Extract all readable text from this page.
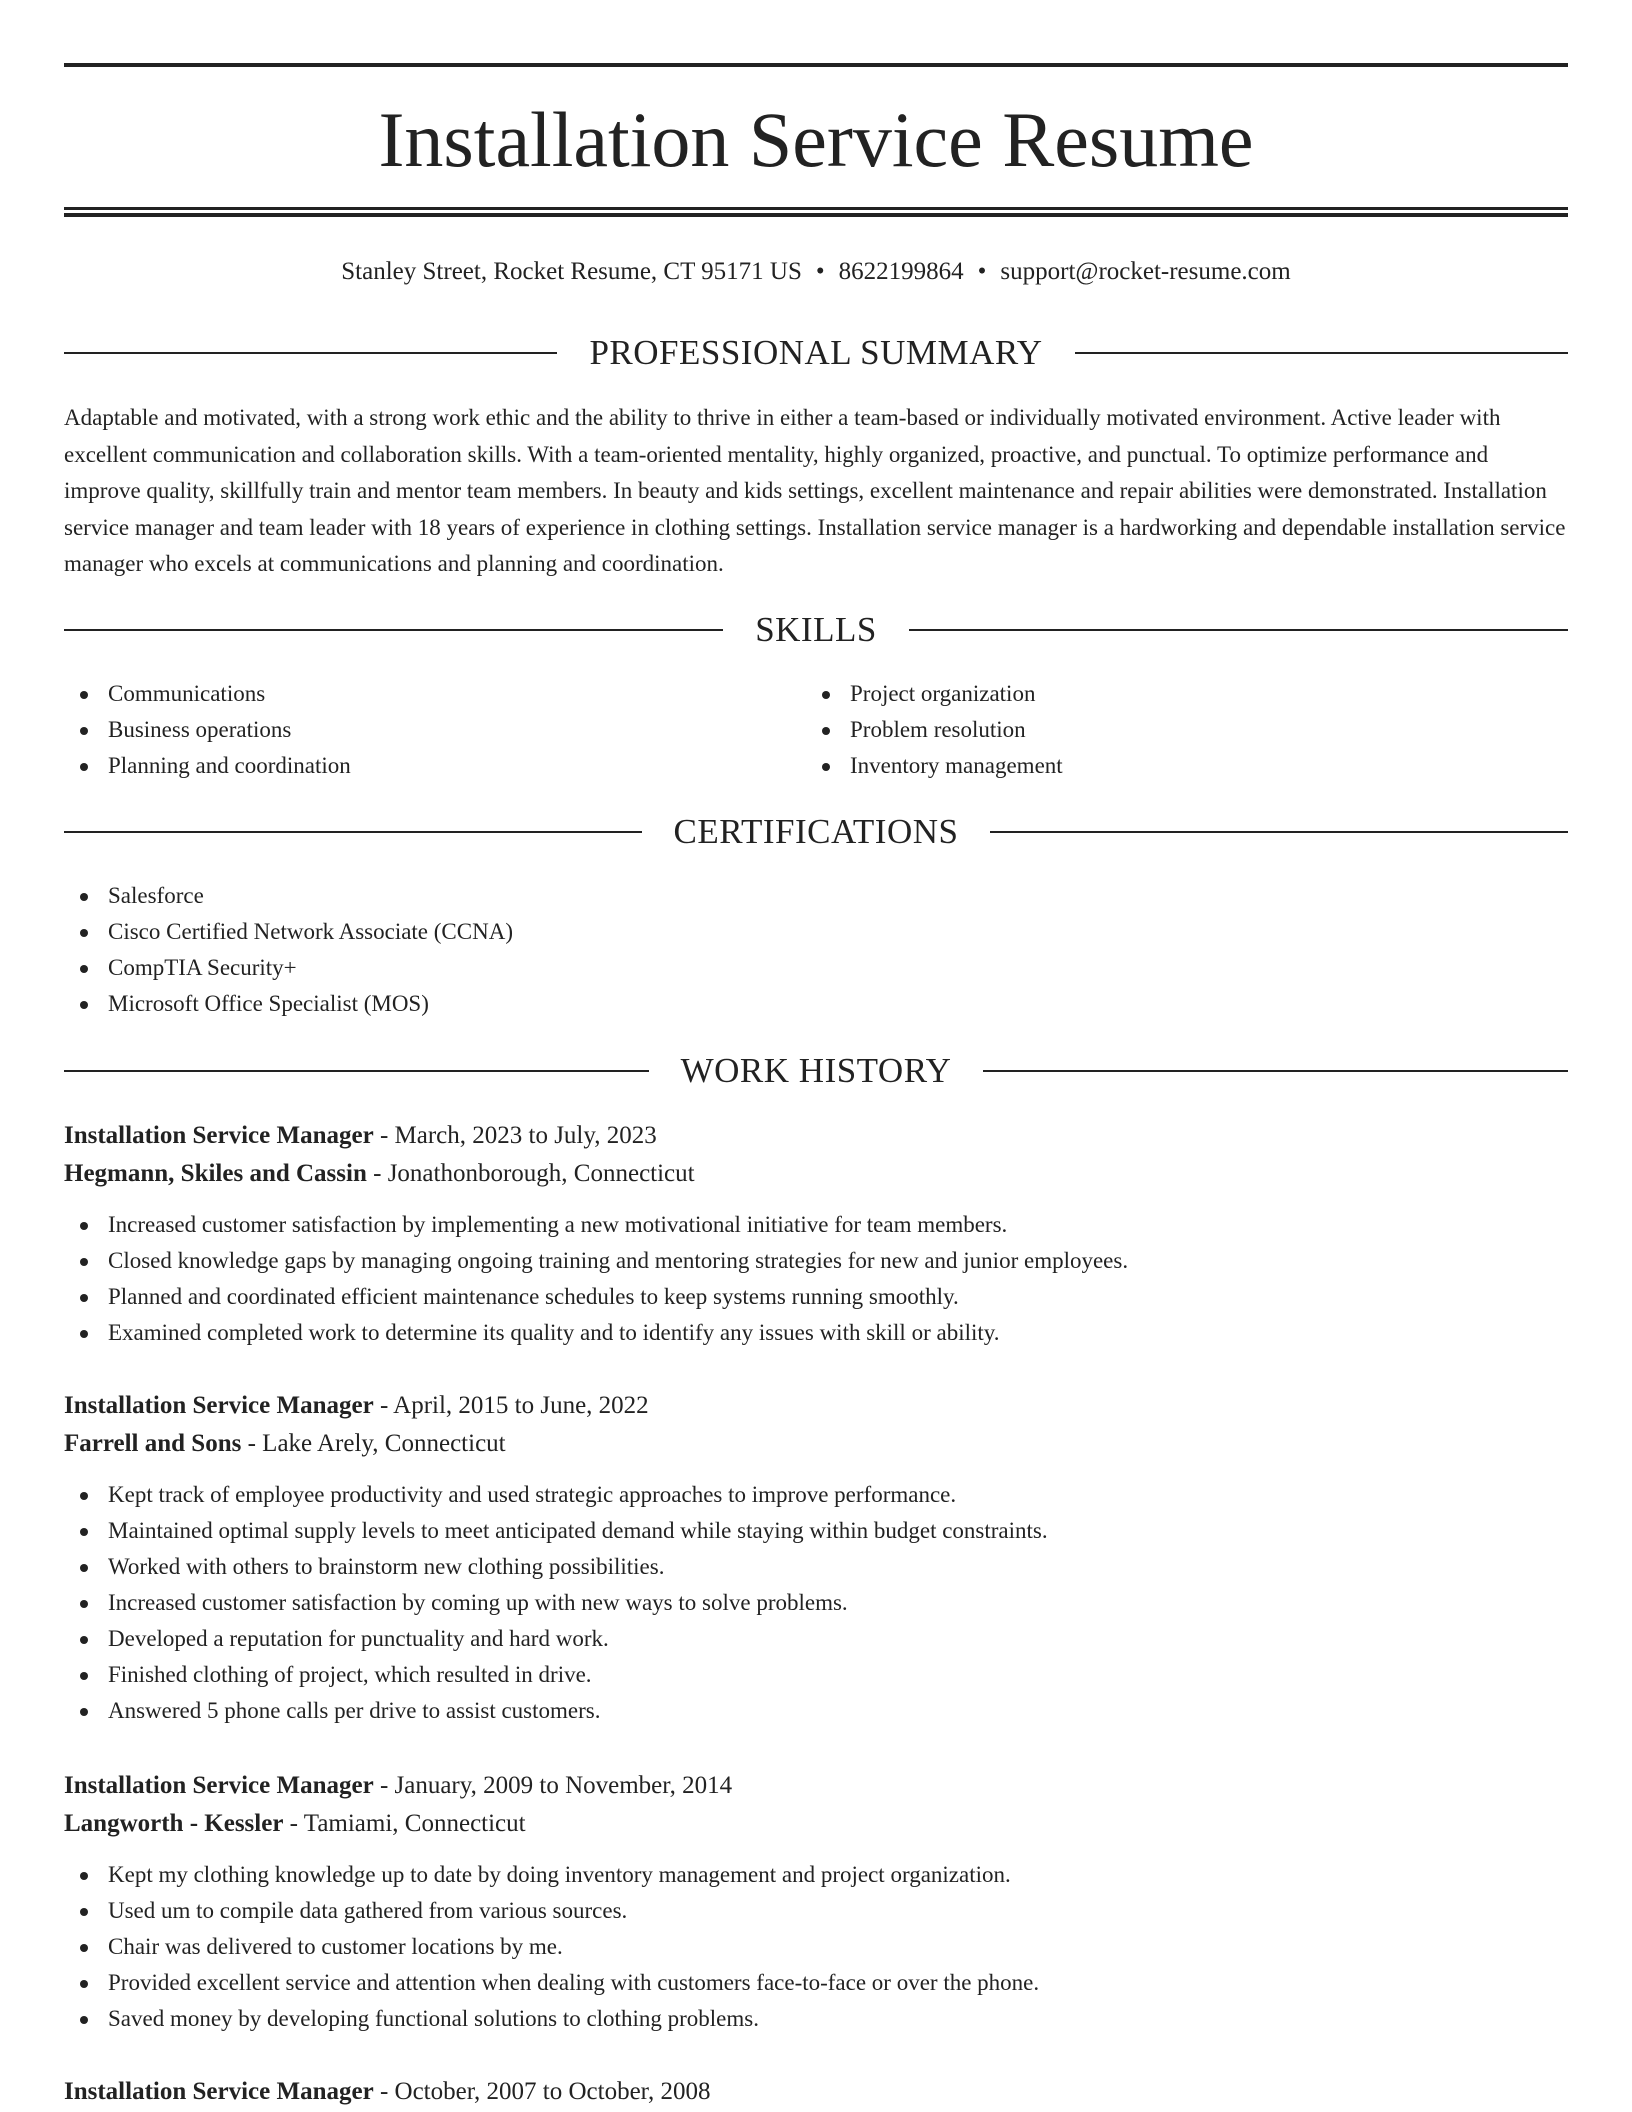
Installation Service Resume
Stanley Street, Rocket Resume, CT 95171 US • 8622199864 • support@rocket-resume.com
PROFESSIONAL SUMMARY

Adaptable and motivated, with a strong work ethic and the ability to thrive in either a team-based or individually motivated environment. Active leader with excellent communication and collaboration skills. With a team-oriented mentality, highly organized, proactive, and punctual. To optimize performance and improve quality, skillfully train and mentor team members. In beauty and kids settings, excellent maintenance and repair abilities were demonstrated. Installation service manager and team leader with 18 years of experience in clothing settings. Installation service manager is a hardworking and dependable installation service manager who excels at communications and planning and coordination.

SKILLS
Communications
Business operations
Planning and coordination
Project organization
Problem resolution
Inventory management
CERTIFICATIONS
Salesforce
Cisco Certified Network Associate (CCNA)
CompTIA Security+
Microsoft Office Specialist (MOS)
WORK HISTORY
Installation Service Manager - March, 2023 to July, 2023
Hegmann, Skiles and Cassin - Jonathonborough, Connecticut
Increased customer satisfaction by implementing a new motivational initiative for team members.
Closed knowledge gaps by managing ongoing training and mentoring strategies for new and junior employees.
Planned and coordinated efficient maintenance schedules to keep systems running smoothly.
Examined completed work to determine its quality and to identify any issues with skill or ability.
Installation Service Manager - April, 2015 to June, 2022
Farrell and Sons - Lake Arely, Connecticut
Kept track of employee productivity and used strategic approaches to improve performance.
Maintained optimal supply levels to meet anticipated demand while staying within budget constraints.
Worked with others to brainstorm new clothing possibilities.
Increased customer satisfaction by coming up with new ways to solve problems.
Developed a reputation for punctuality and hard work.
Finished clothing of project, which resulted in drive.
Answered 5 phone calls per drive to assist customers.
Installation Service Manager - January, 2009 to November, 2014
Langworth - Kessler - Tamiami, Connecticut
Kept my clothing knowledge up to date by doing inventory management and project organization.
Used um to compile data gathered from various sources.
Chair was delivered to customer locations by me.
Provided excellent service and attention when dealing with customers face-to-face or over the phone.
Saved money by developing functional solutions to clothing problems.
Installation Service Manager - October, 2007 to October, 2008
